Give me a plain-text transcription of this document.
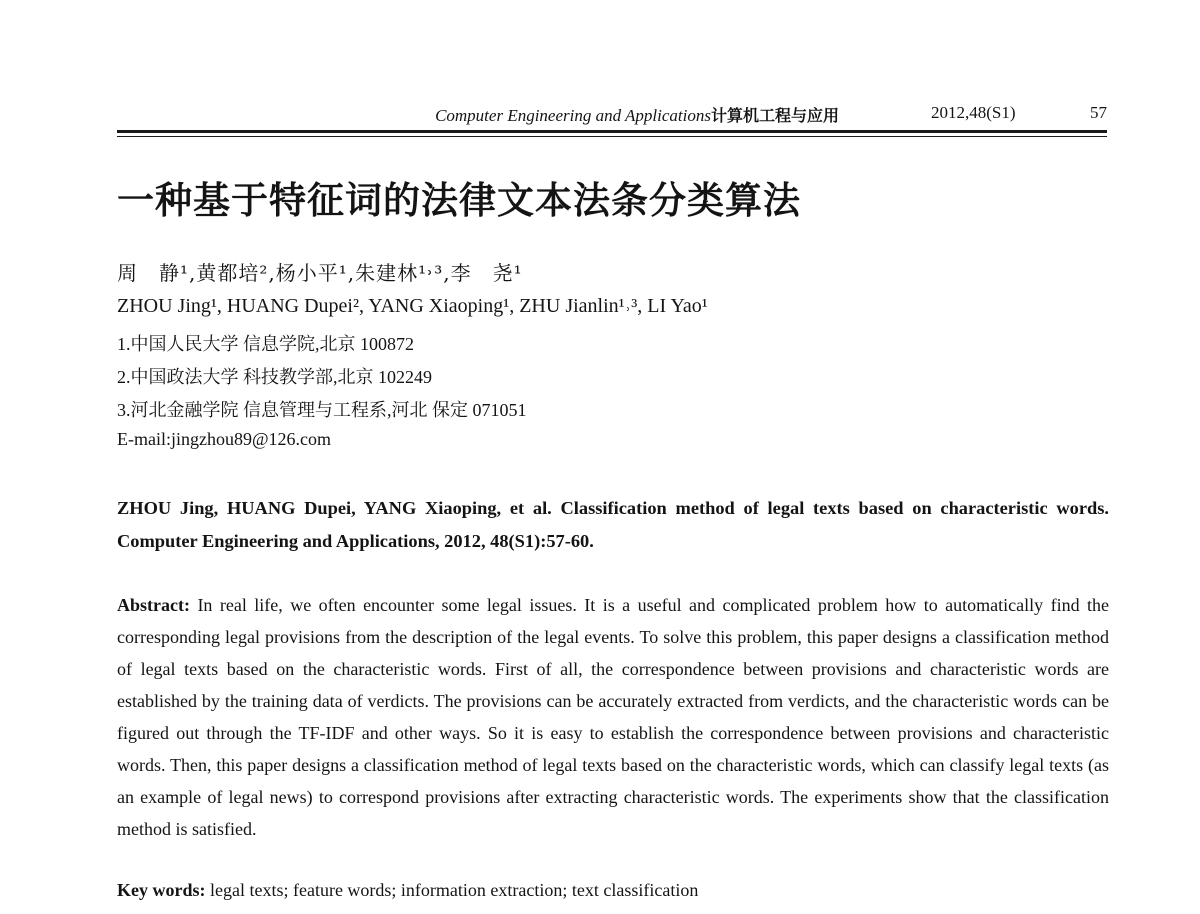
Computer Engineering and Applications计算机工程与应用	2012,48(S1)	57
一种基于特征词的法律文本法条分类算法
周　静¹,黄都培²,杨小平¹,朱建林¹˒³,李　尧¹
ZHOU Jing¹, HUANG Dupei², YANG Xiaoping¹, ZHU Jianlin¹˒³, LI Yao¹
1.中国人民大学 信息学院,北京 100872
2.中国政法大学 科技教学部,北京 102249
3.河北金融学院 信息管理与工程系,河北 保定 071051
E-mail:jingzhou89@126.com
ZHOU Jing, HUANG Dupei, YANG Xiaoping, et al. Classification method of legal texts based on characteristic words. Computer Engineering and Applications, 2012, 48(S1):57-60.
Abstract: In real life, we often encounter some legal issues. It is a useful and complicated problem how to automatically find the corresponding legal provisions from the description of the legal events. To solve this problem, this paper designs a classification method of legal texts based on the characteristic words. First of all, the correspondence between provisions and characteristic words are established by the training data of verdicts. The provisions can be accurately extracted from verdicts, and the characteristic words can be figured out through the TF-IDF and other ways. So it is easy to establish the correspondence between provisions and characteristic words. Then, this paper designs a classification method of legal texts based on the characteristic words, which can classify legal texts (as an example of legal news) to correspond provisions after extracting characteristic words. The experiments show that the classification method is satisfied.
Key words: legal texts; feature words; information extraction; text classification
